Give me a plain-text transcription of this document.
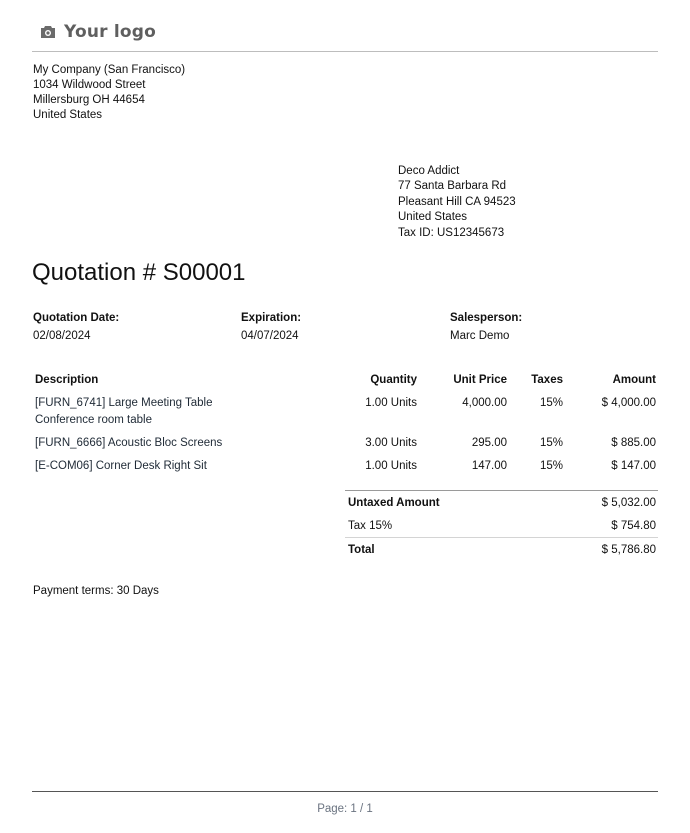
Your logo
My Company (San Francisco)
1034 Wildwood Street
Millersburg OH 44654
United States
Deco Addict
77 Santa Barbara Rd
Pleasant Hill CA 94523
United States
Tax ID: US12345673
Quotation # S00001
Quotation Date:
02/08/2024
Expiration:
04/07/2024
Salesperson:
Marc Demo
Description	Quantity	Unit Price	Taxes	Amount

[FURN_6741] Large Meeting Table
Conference room table	1.00 Units	4,000.00	15%	$ 4,000.00
[FURN_6666] Acoustic Bloc Screens	3.00 Units	295.00	15%	$ 885.00
[E-COM06] Corner Desk Right Sit	1.00 Units	147.00	15%	$ 147.00
Untaxed Amount	$ 5,032.00
Tax 15%	$ 754.80
Total	$ 5,786.80
Payment terms: 30 Days
Page: 1 / 1
